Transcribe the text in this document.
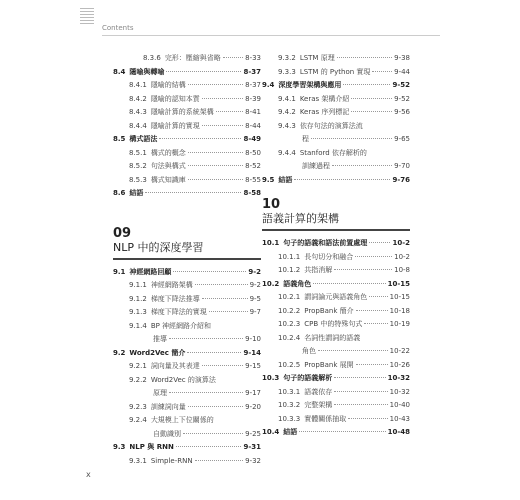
Contents
8.3.6 完形：壓縮與省略	8-33
8.4 隱喻與轉喻	8-37
8.4.1 隱喻的結構	8-37
8.4.2 隱喻的認知本質	8-39
8.4.3 隱喻計算的系統架構	8-41
8.4.4 隱喻計算的實現	8-44
8.5 構式語法	8-49
8.5.1 構式的概念	8-50
8.5.2 句法與構式	8-52
8.5.3 構式知識庫	8-55
8.6 結語	8-58
09
NLP 中的深度學習
9.1 神經網路回顧	9-2
9.1.1 神經網路架構	9-2
9.1.2 梯度下降法推導	9-5
9.1.3 梯度下降法的實現	9-7
9.1.4 BP 神經網路介紹和
推導	9-10
9.2 Word2Vec 簡介	9-14
9.2.1 詞向量及其表達	9-15
9.2.2 Word2Vec 的演算法
原理	9-17
9.2.3 訓練詞向量	9-20
9.2.4 大規模上下位關係的
自動識別	9-25
9.3 NLP 與 RNN	9-31
9.3.1 Simple-RNN	9-32
9.3.2 LSTM 原理	9-38
9.3.3 LSTM 的 Python 實現	9-44
9.4 深度學習架構與應用	9-52
9.4.1 Keras 架構介紹	9-52
9.4.2 Keras 序列標記	9-56
9.4.3 依存句法的演算法流
程	9-65
9.4.4 Stanford 依存解析的
訓練過程	9-70
9.5 結語	9-76
10
語義計算的架構
10.1 句子的語義和語法前置處理	10-2
10.1.1 長句切分和融合	10-2
10.1.2 共指消解	10-8
10.2 語義角色	10-15
10.2.1 謂詞論元與語義角色	10-15
10.2.2 PropBank 簡介	10-18
10.2.3 CPB 中的特殊句式	10-19
10.2.4 名詞性謂詞的語義
角色	10-22
10.2.5 PropBank 展開	10-26
10.3 句子的語義解析	10-32
10.3.1 語義依存	10-32
10.3.2 完整架構	10-40
10.3.3 實體關係抽取	10-43
10.4 結語	10-48
x
